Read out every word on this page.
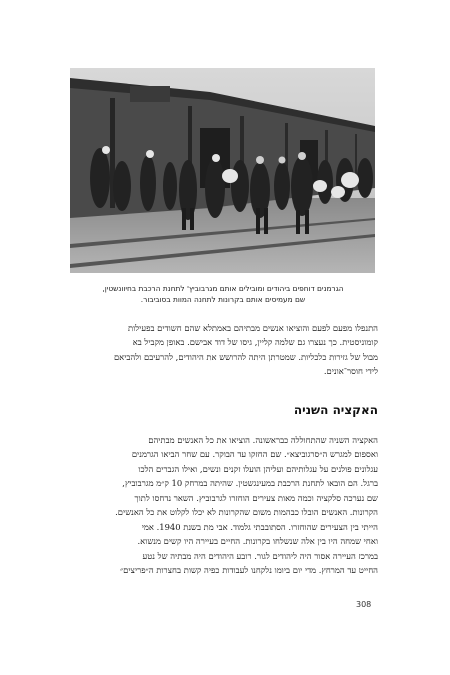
הגרמנים דוחפים ביהודים ומובילים אותם מגרבוביץ' לתחנת הרכבת בחיוונשטין,
שם מעמיסים אותם בקרונות לתחנה המוות בסוביבור.
התנפלו מפעם לפעם והוציאו אנשים מבתיהם באמתלא שהם חשודים בפעילות
קומוניסטית. כך נעצרו גם שלמה קליין, גיסו של דוד אבישם. באופן מקביל בא
מבול של גזירות כלכליות. שמטרתן היתה להרושש את היהודים, להרעיבם ולהביאם
לידי חוסר־אונים.
האקציה השניה
האקציה השניה שהתחוללה כבראשונה. הוציאו את כל האנשים מבתיהם
ואספום למגרש ה״סרגוביצא״. שם החזקו עד הבוקר. עם שחר הביאו הגרמנים
עגלונים פולנים על עגלותיהם ועליהן הועלו זקנים ונשים, ואילו הגברים הלכו
ברגל. הם הובאו לתחנת הרכבת במעינגשטין. שהיתה במרחק 10 ק״מ מגרבוביץ,
שם נערכה סלקציה וכמה מאות צעירים הוחזרו לגרבוביץ. השאר נדחסו לתוך
הקרונות. האנשים הובלו כבהמות משום שהקרונות לא יכלו לקלוט את כל האנשים.
הייתי בין הצעירים שהוחזרו. הסתובבתי גלמוד. אבי מת בשנת 1940. אמי
ואחי שמחה היו בין אלה שנשלחו בקרונות. החיים בעיירה היו קשים מנשוא.
במרכז העיירה אסור היה ליהודים לגור. רובע היהודים היה מבתיה של נטע
החייט עד המרחץ. מדי יום ביומו נלקחנו לעבודות כפיה קשות בחצרות ה״פריצים״
308
